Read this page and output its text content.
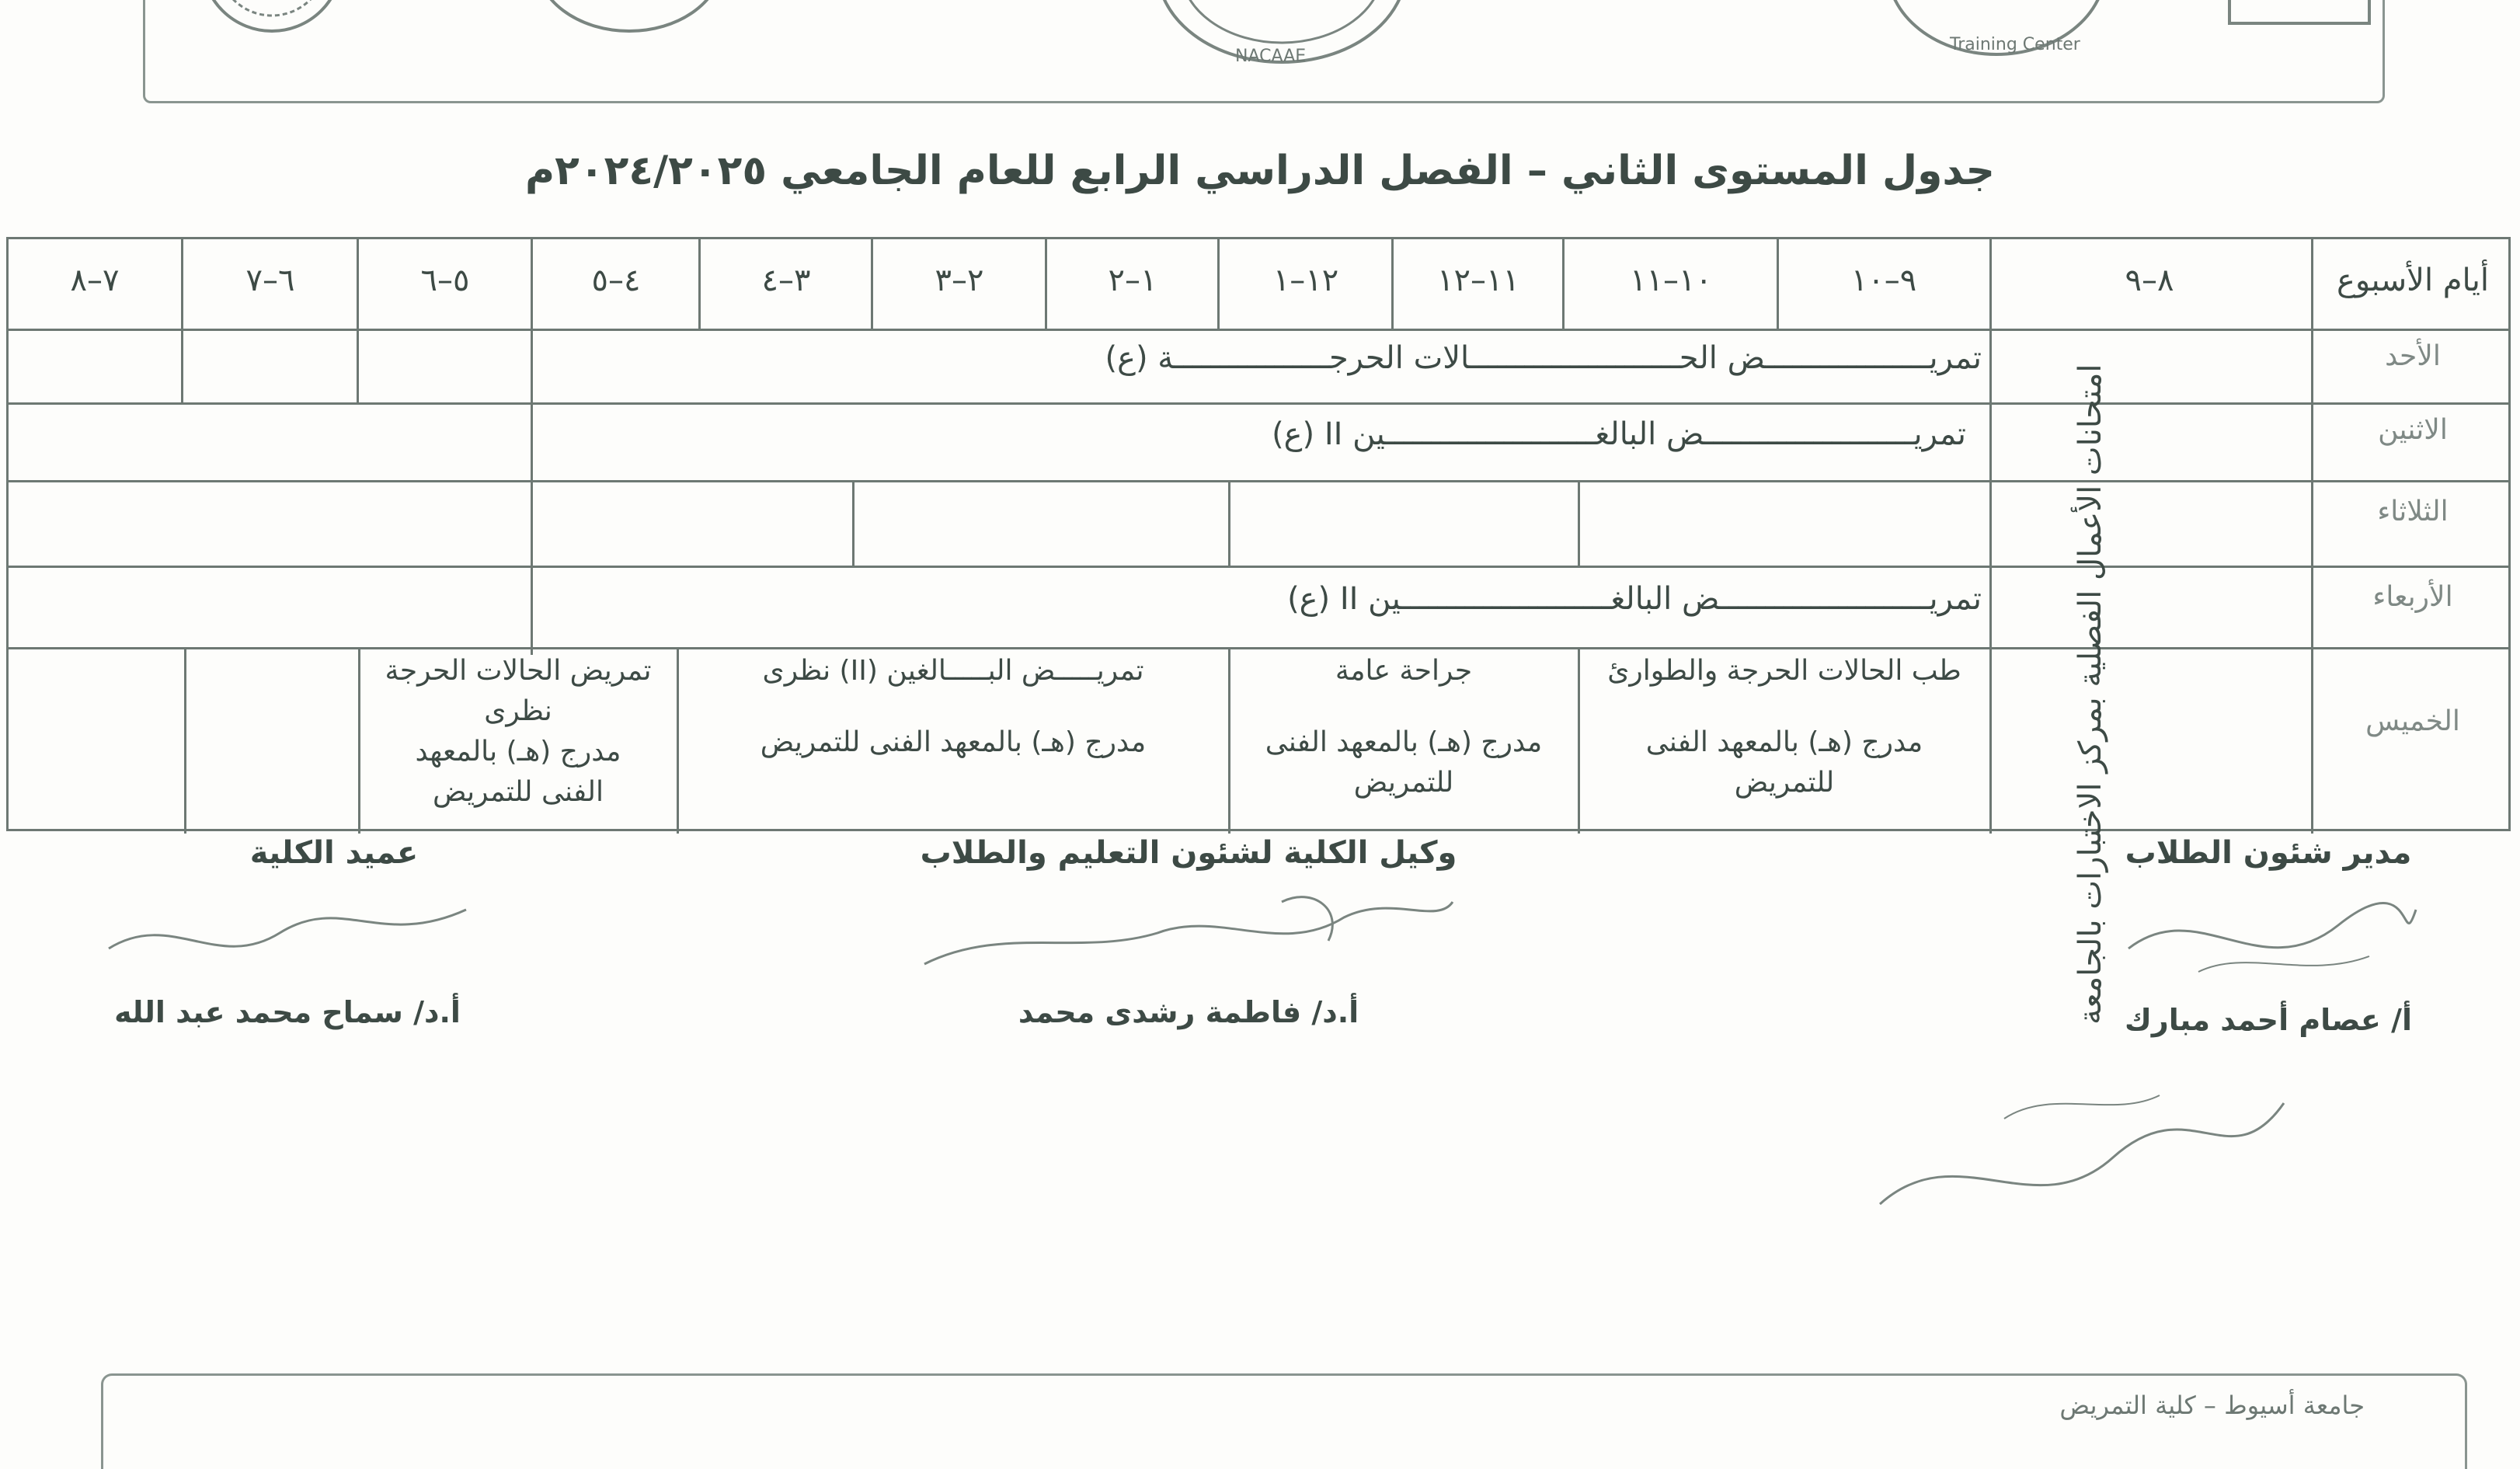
NACAAE
Training Center
جدول المستوى الثاني – الفصل الدراسي الرابع للعام الجامعي ٢٠٢٤/٢٠٢٥م
أيام الأسبوع
٨–٩
٩–١٠
١٠–١١
١١–١٢
١٢–١
١–٢
٢–٣
٣–٤
٤–٥
٥–٦
٦–٧
٧–٨
الأحد
الاثنين
الثلاثاء
الأربعاء
الخميس
امتحانات الأعمال الفصلية بمركز الاختبارات بالجامعة
تمريــــــــــــــــــض الحـــــــــــــــــــــــالات الحرجـــــــــــــــــة (ع)
تمريـــــــــــــــــــــــض البالغـــــــــــــــــــــــين II (ع)
تمريـــــــــــــــــــــــض البالغـــــــــــــــــــــــين II (ع)
طب الحالات الحرجة والطوارئ
مدرج (هـ) بالمعهد الفنى للتمريض
جراحة عامة
مدرج (هـ) بالمعهد الفنى للتمريض
تمريـــــض البـــــالغين (II) نظرى
مدرج (هـ) بالمعهد الفنى للتمريض
تمريض الحالات الحرجة نظرى
مدرج (هـ) بالمعهد الفنى للتمريض
مدير شئون الطلاب
أ/ عصام أحمد مبارك
وكيل الكلية لشئون التعليم والطلاب
أ.د/ فاطمة رشدى محمد
عميد الكلية
أ.د/ سماح محمد عبد الله
جامعة أسيوط – كلية التمريض
